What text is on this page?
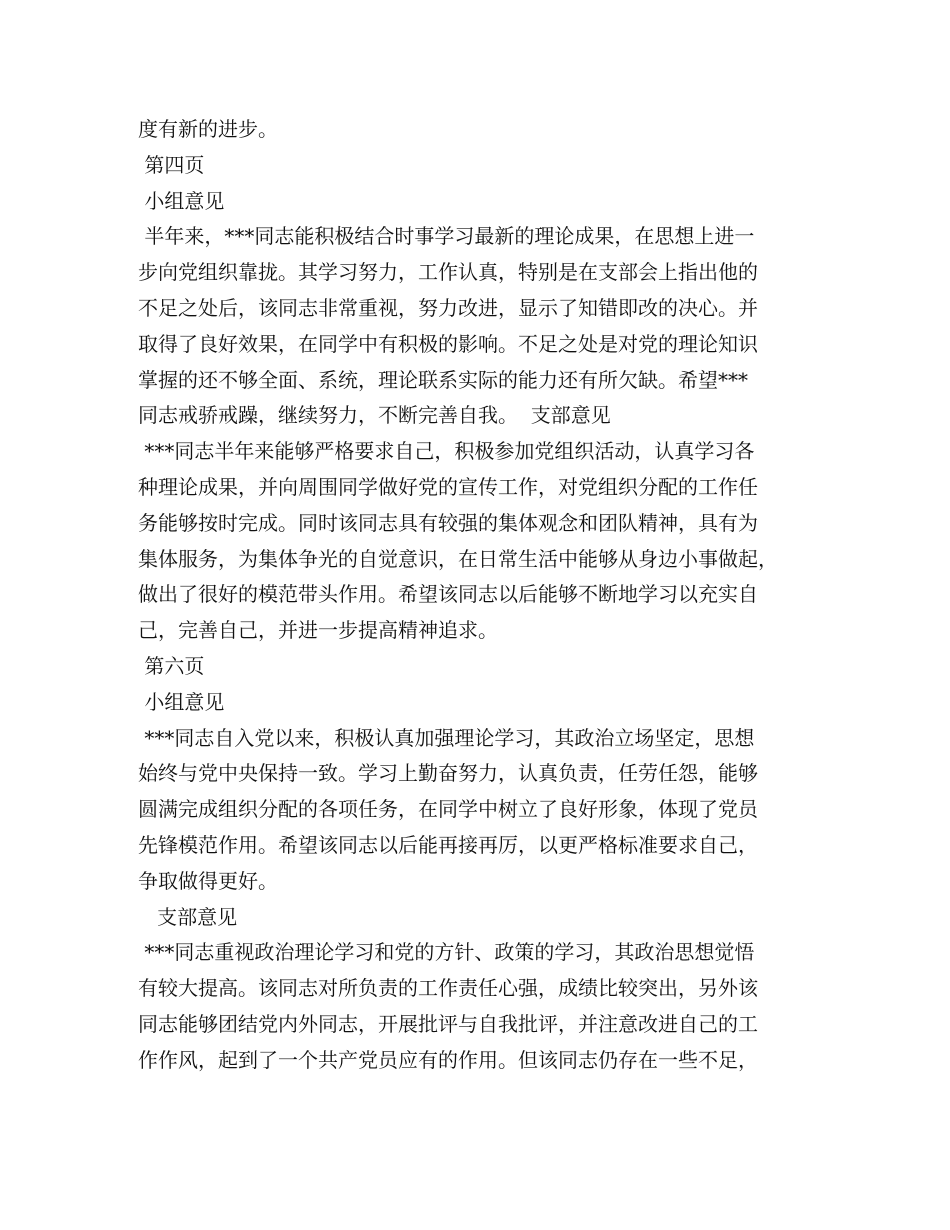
度有新的进步。
第四页
小组意见
半年来，***同志能积极结合时事学习最新的理论成果，在思想上进一
步向党组织靠拢。其学习努力，工作认真，特别是在支部会上指出他的
不足之处后，该同志非常重视，努力改进，显示了知错即改的决心。并
取得了良好效果，在同学中有积极的影响。不足之处是对党的理论知识
掌握的还不够全面、系统，理论联系实际的能力还有所欠缺。希望***
同志戒骄戒躁，继续努力，不断完善自我。  支部意见
***同志半年来能够严格要求自己，积极参加党组织活动，认真学习各
种理论成果，并向周围同学做好党的宣传工作，对党组织分配的工作任
务能够按时完成。同时该同志具有较强的集体观念和团队精神，具有为
集体服务，为集体争光的自觉意识，在日常生活中能够从身边小事做起，
做出了很好的模范带头作用。希望该同志以后能够不断地学习以充实自
己，完善自己，并进一步提高精神追求。
第六页
小组意见
***同志自入党以来，积极认真加强理论学习，其政治立场坚定，思想
始终与党中央保持一致。学习上勤奋努力，认真负责，任劳任怨，能够
圆满完成组织分配的各项任务，在同学中树立了良好形象，体现了党员
先锋模范作用。希望该同志以后能再接再厉，以更严格标准要求自己，
争取做得更好。
支部意见
***同志重视政治理论学习和党的方针、政策的学习，其政治思想觉悟
有较大提高。该同志对所负责的工作责任心强，成绩比较突出，另外该
同志能够团结党内外同志，开展批评与自我批评，并注意改进自己的工
作作风，起到了一个共产党员应有的作用。但该同志仍存在一些不足，
